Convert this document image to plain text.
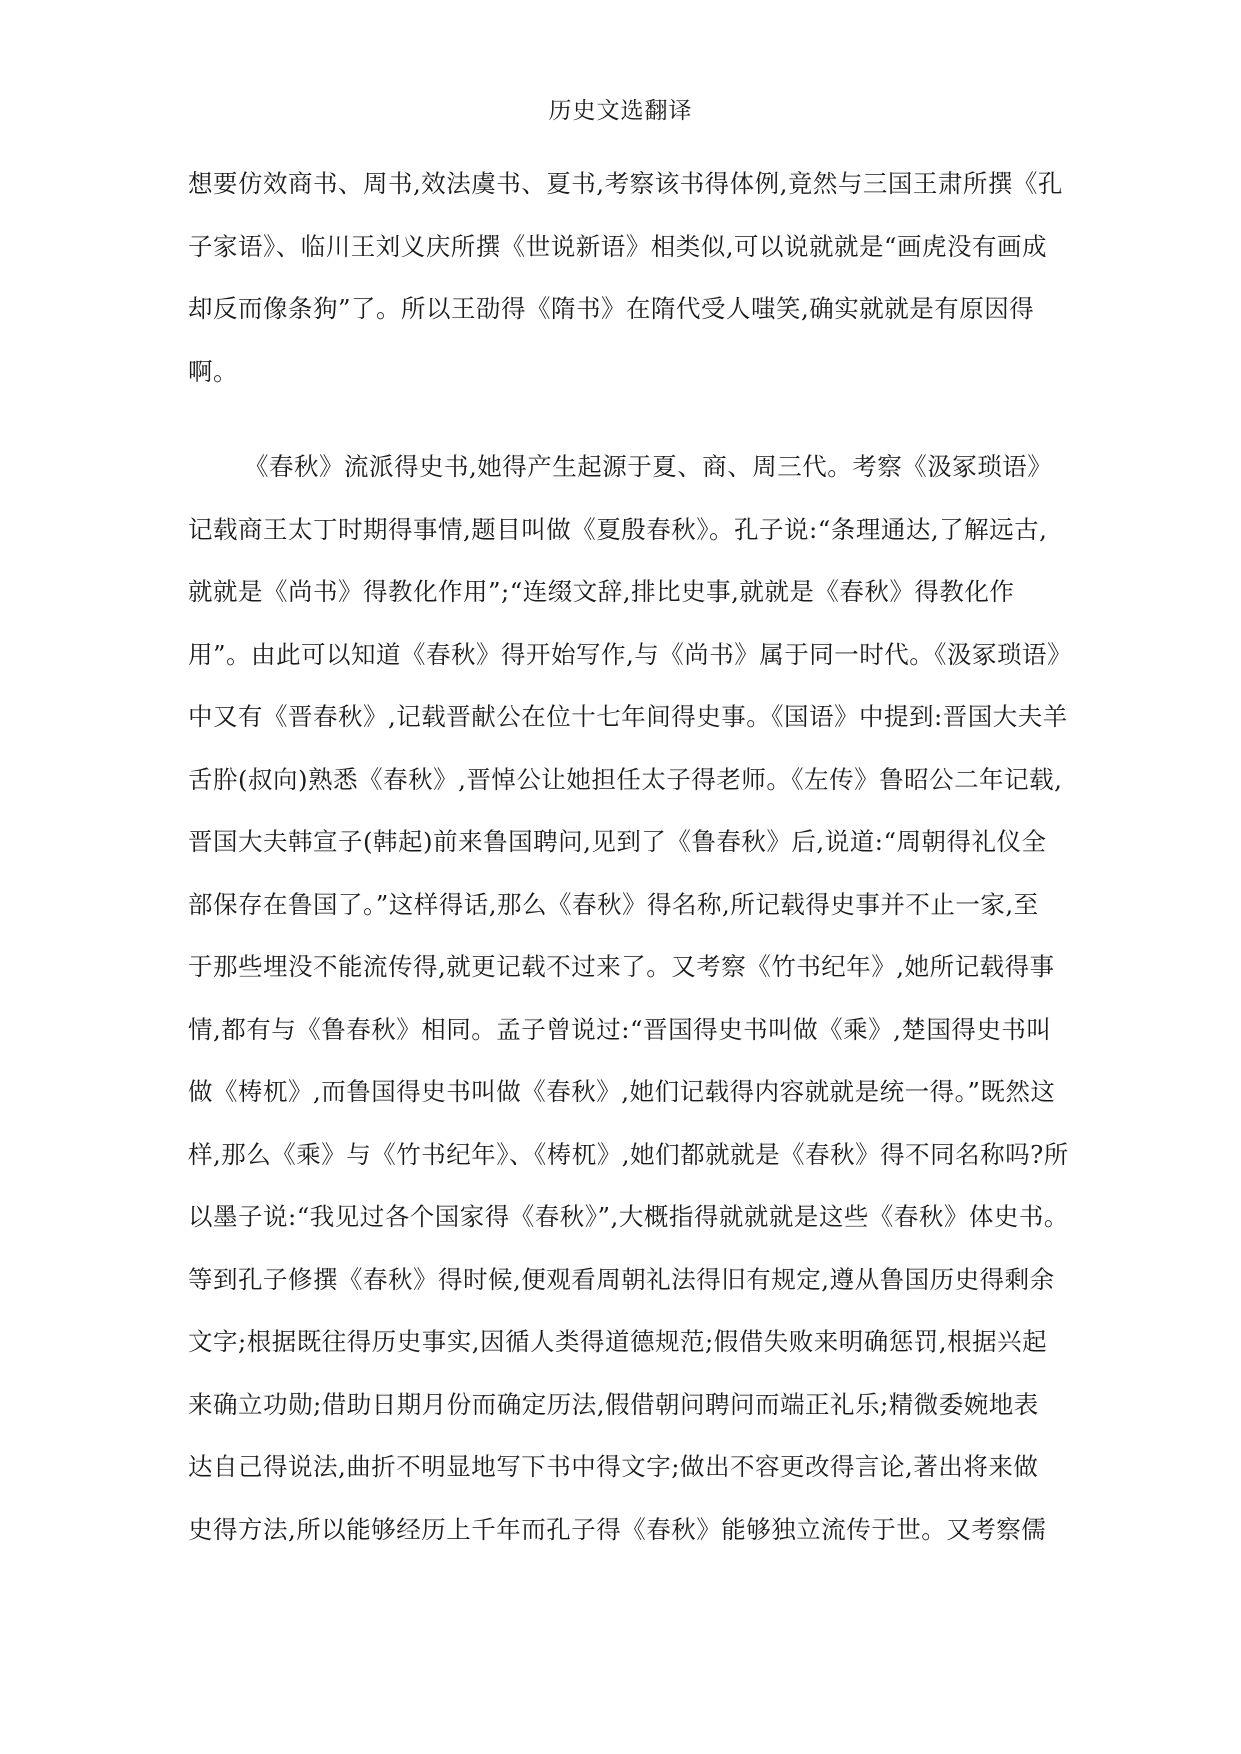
历史文选翻译
想要仿效商书、周书,效法虞书、夏书,考察该书得体例,竟然与三国王肃所撰《孔
子家语》、临川王刘义庆所撰《世说新语》相类似,可以说就就是“画虎没有画成
却反而像条狗”了。所以王劭得《隋书》在隋代受人嗤笑,确实就就是有原因得
啊。
《春秋》流派得史书,她得产生起源于夏、商、周三代。考察《汲冢琐语》
记载商王太丁时期得事情,题目叫做《夏殷春秋》。孔子说:“条理通达,了解远古,
就就是《尚书》得教化作用”;“连缀文辞,排比史事,就就是《春秋》得教化作
用”。由此可以知道《春秋》得开始写作,与《尚书》属于同一时代。《汲冢琐语》
中又有《晋春秋》,记载晋献公在位十七年间得史事。《国语》中提到:晋国大夫羊
舌肸(叔向)熟悉《春秋》,晋悼公让她担任太子得老师。《左传》鲁昭公二年记载,
晋国大夫韩宣子(韩起)前来鲁国聘问,见到了《鲁春秋》后,说道:“周朝得礼仪全
部保存在鲁国了。”这样得话,那么《春秋》得名称,所记载得史事并不止一家,至
于那些埋没不能流传得,就更记载不过来了。又考察《竹书纪年》,她所记载得事
情,都有与《鲁春秋》相同。孟子曾说过:“晋国得史书叫做《乘》,楚国得史书叫
做《梼杌》,而鲁国得史书叫做《春秋》,她们记载得内容就就是统一得。”既然这
样,那么《乘》与《竹书纪年》、《梼杌》,她们都就就是《春秋》得不同名称吗?所
以墨子说:“我见过各个国家得《春秋》”,大概指得就就就是这些《春秋》体史书。
等到孔子修撰《春秋》得时候,便观看周朝礼法得旧有规定,遵从鲁国历史得剩余
文字;根据既往得历史事实,因循人类得道德规范;假借失败来明确惩罚,根据兴起
来确立功勋;借助日期月份而确定历法,假借朝问聘问而端正礼乐;精微委婉地表
达自己得说法,曲折不明显地写下书中得文字;做出不容更改得言论,著出将来做
史得方法,所以能够经历上千年而孔子得《春秋》能够独立流传于世。又考察儒
